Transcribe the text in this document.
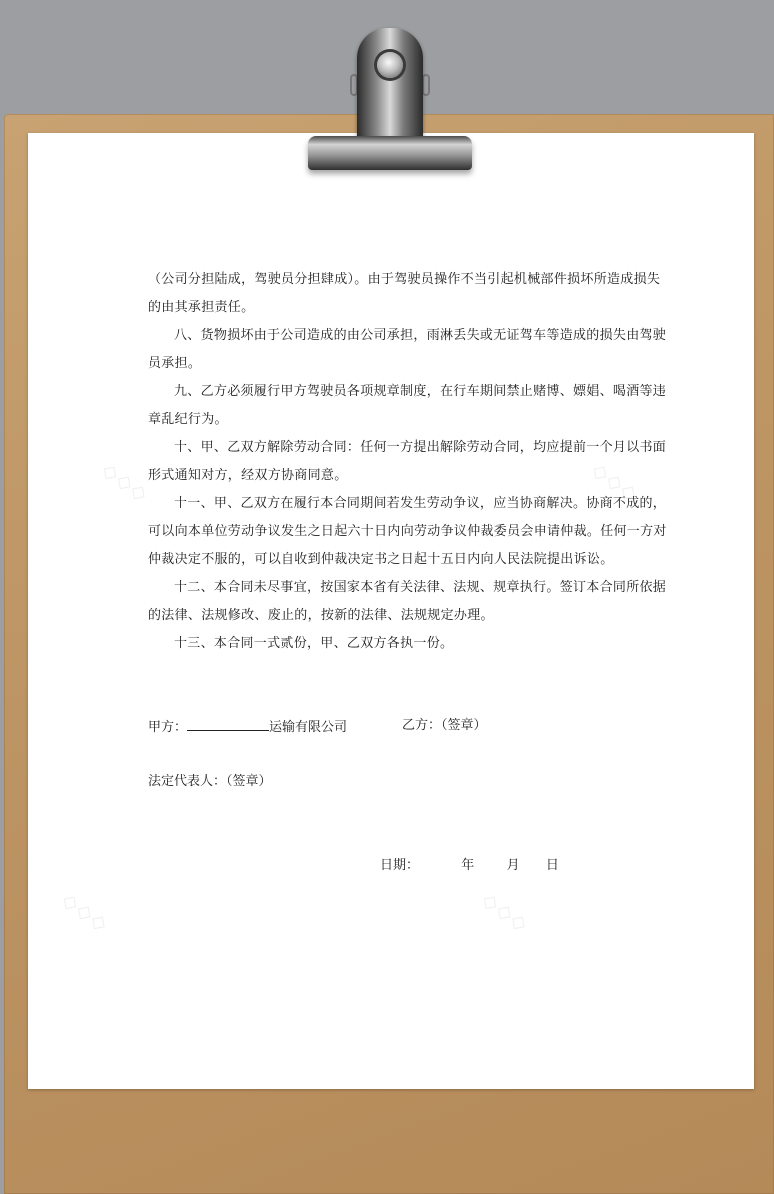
◇◇◇	◇◇◇
◇◇◇	◇◇◇

（公司分担陆成，驾驶员分担肆成）。由于驾驶员操作不当引起机械部件损坏所造成损失的由其承担责任。

八、货物损坏由于公司造成的由公司承担，雨淋丢失或无证驾车等造成的损失由驾驶员承担。

九、乙方必须履行甲方驾驶员各项规章制度，在行车期间禁止赌博、嫖娼、喝酒等违章乱纪行为。

十、甲、乙双方解除劳动合同：任何一方提出解除劳动合同，均应提前一个月以书面形式通知对方，经双方协商同意。

十一、甲、乙双方在履行本合同期间若发生劳动争议，应当协商解决。协商不成的，可以向本单位劳动争议发生之日起六十日内向劳动争议仲裁委员会申请仲裁。任何一方对仲裁决定不服的，可以自收到仲裁决定书之日起十五日内向人民法院提出诉讼。

十二、本合同未尽事宜，按国家本省有关法律、法规、规章执行。签订本合同所依据的法律、法规修改、废止的，按新的法律、法规规定办理。

十三、本合同一式贰份，甲、乙双方各执一份。

甲方：	运输有限公司	乙方：（签章）
法定代表人：（签章）
日期：	年 月 日
